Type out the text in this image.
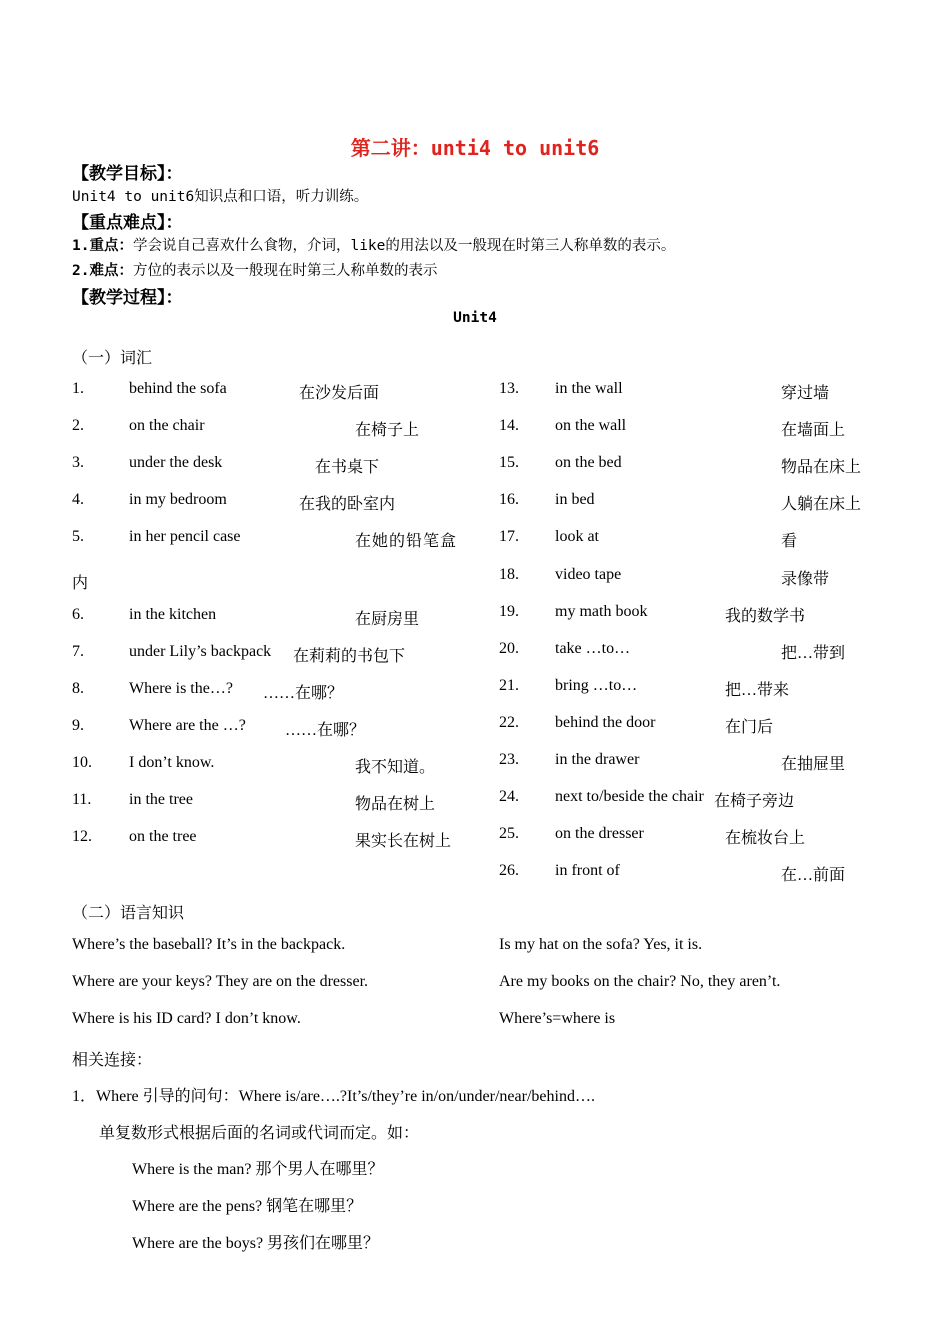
第二讲：unti4 to unit6
【教学目标】：
Unit4 to unit6知识点和口语，听力训练。
【重点难点】：
1.重点：学会说自己喜欢什么食物，介词，like的用法以及一般现在时第三人称单数的表示。
2.难点：方位的表示以及一般现在时第三人称单数的表示
【教学过程】：
Unit4
（一）词汇
1.	behind the sofa	在沙发后面
2.	on the chair	在椅子上
3.	under the desk	在书桌下
4.	in my bedroom	在我的卧室内
5.	in her pencil case	在她的铅笔盒
内
6.	in the kitchen	在厨房里
7.	under Lily’s backpack 在莉莉的书包下
8.	Where is the…? ……在哪？
9.	Where are the …? ……在哪？
10. I don’t know.	我不知道。
11. in the tree	物品在树上
12. on the tree	果实长在树上
13. in the wall	穿过墙
14. on the wall	在墙面上
15. on the bed	物品在床上
16. in bed	人躺在床上
17. look at	看
18. video tape	录像带
19. my math book	我的数学书
20. take …to…	把…带到
21. bring …to…	把…带来
22. behind the door	在门后
23. in the drawer	在抽屉里
24. next to/beside the chair 在椅子旁边
25. on the dresser	在梳妆台上
26. in front of	在…前面
（二）语言知识
Where’s the baseball? It’s in the backpack.
Where are your keys? They are on the dresser.
Where is his ID card? I don’t know.
Is my hat on the sofa? Yes, it is.
Are my books on the chair? No, they aren’t.
Where’s=where is
相关连接：
1．Where 引导的问句：Where is/are….?It’s/they’re in/on/under/near/behind….
单复数形式根据后面的名词或代词而定。如：
Where is the man? 那个男人在哪里？
Where are the pens? 钢笔在哪里？
Where are the boys? 男孩们在哪里？
